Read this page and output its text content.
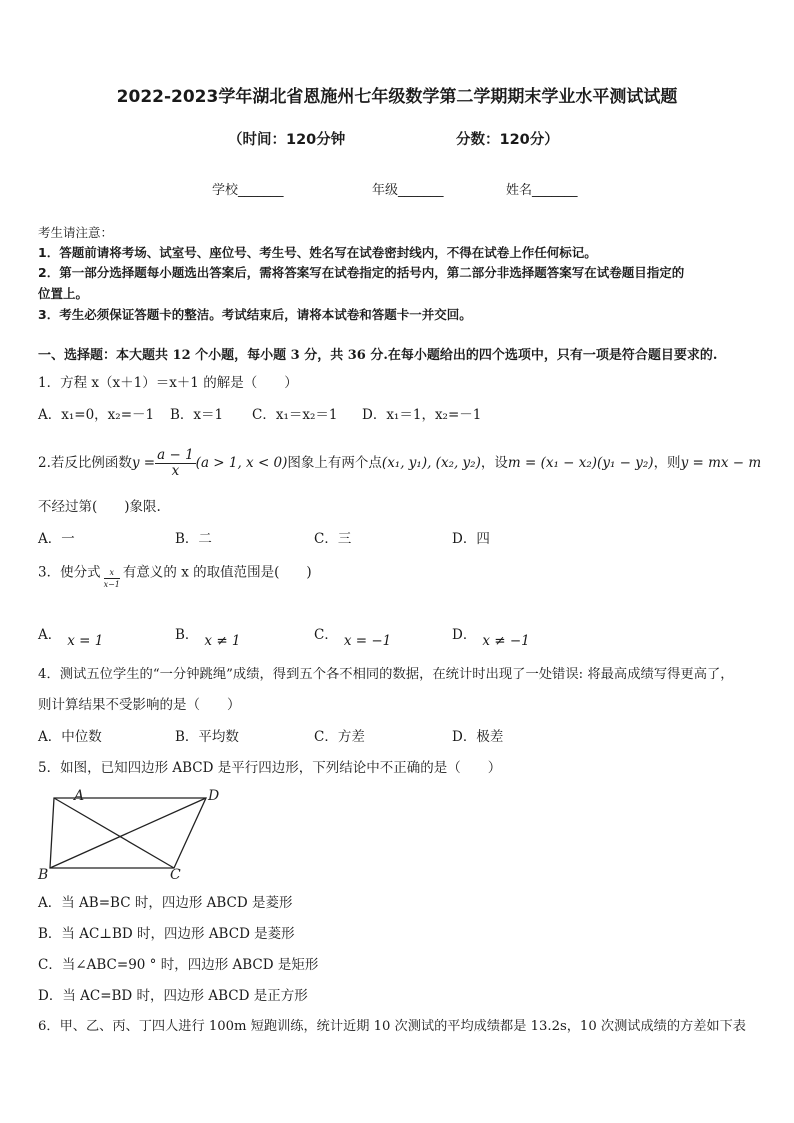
2022-2023学年湖北省恩施州七年级数学第二学期期末学业水平测试试题
（时间：120分钟	分数：120分）
学校_______	年级_______	姓名_______
考生请注意：
1．答题前请将考场、试室号、座位号、考生号、姓名写在试卷密封线内，不得在试卷上作任何标记。
2．第一部分选择题每小题选出答案后，需将答案写在试卷指定的括号内，第二部分非选择题答案写在试卷题目指定的
位置上。
3．考生必须保证答题卡的整洁。考试结束后，请将本试卷和答题卡一并交回。
一、选择题：本大题共 12 个小题，每小题 3 分，共 36 分.在每小题给出的四个选项中，只有一项是符合题目要求的.
1．方程 x（x＋1）＝x＋1 的解是（　　）
A．x₁=0，x₂=－1 B．x＝1 C．x₁＝x₂＝1 D．x₁＝1，x₂=－1
2.若反比例函数$y = \frac{a - 1}{x} (a > 1$, x < 0)图象上有两个点(x₁, y₁), (x₂, y₂)，设m = (x₁ − x₂)(y₁ − y₂)，则y = mx − m
不经过第(　　)象限.
A．一	B．二	C．三	D．四
3．使分式 $\frac{x}{x-1}$ 有意义的 x 的取值范围是(　　)
A． x = 1	B． x ≠ 1	C． x = −1	D． x ≠ −1
4．测试五位学生的“一分钟跳绳”成绩，得到五个各不相同的数据，在统计时出现了一处错误: 将最高成绩写得更高了，
则计算结果不受影响的是（　　）
A．中位数	B．平均数	C．方差	D．极差
5．如图，已知四边形 ABCD 是平行四边形，下列结论中不正确的是（　　）
A	D
B	C
A．当 AB=BC 时，四边形 ABCD 是菱形
B．当 AC⊥BD 时，四边形 ABCD 是菱形
C．当∠ABC=90 ° 时，四边形 ABCD 是矩形
D．当 AC=BD 时，四边形 ABCD 是正方形
6．甲、乙、丙、丁四人进行 100m 短跑训练，统计近期 10 次测试的平均成绩都是 13.2s，10 次测试成绩的方差如下表
